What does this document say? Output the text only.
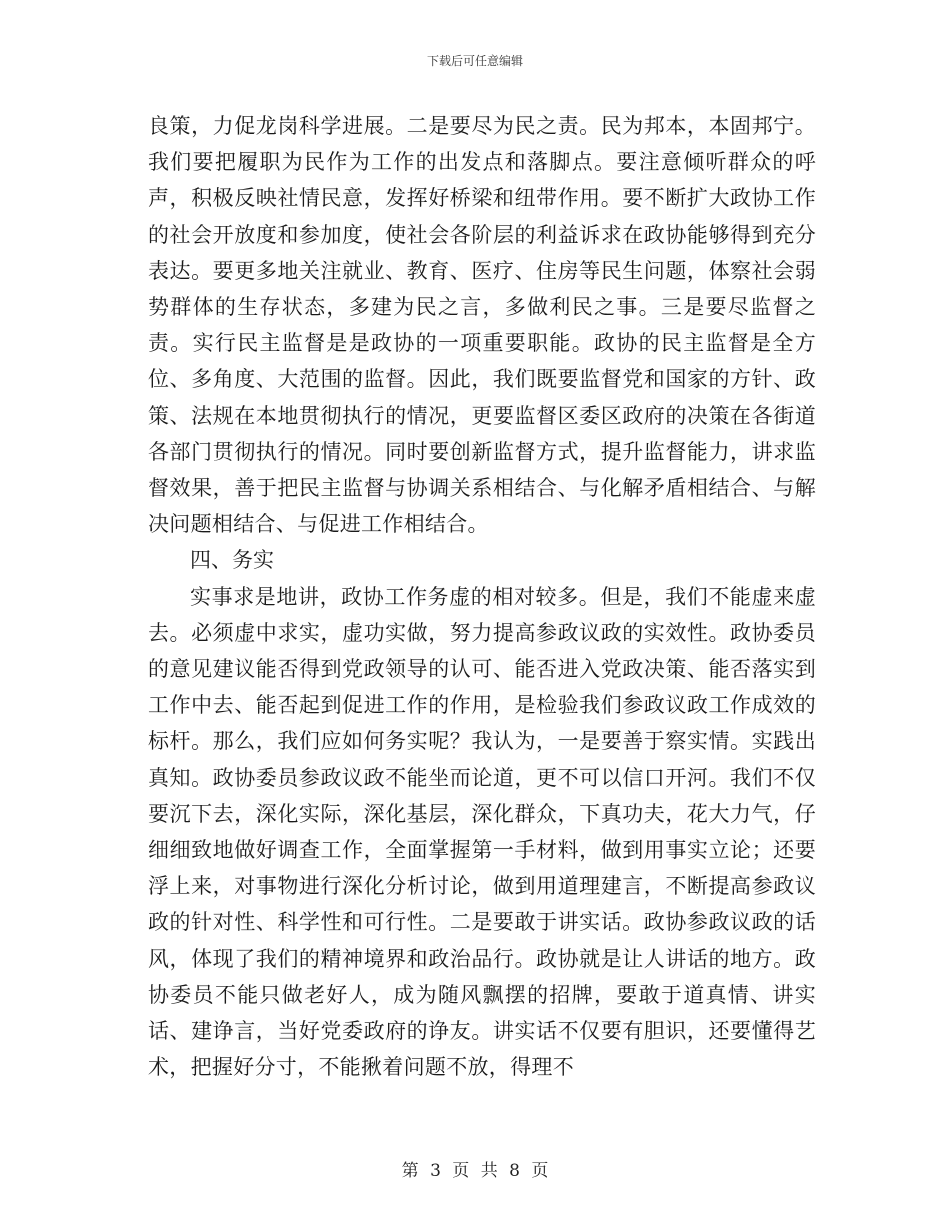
下载后可任意编辑

良策，力促龙岗科学进展。二是要尽为民之责。民为邦本，本固邦宁。我们要把履职为民作为工作的出发点和落脚点。要注意倾听群众的呼声，积极反映社情民意，发挥好桥梁和纽带作用。要不断扩大政协工作的社会开放度和参加度，使社会各阶层的利益诉求在政协能够得到充分表达。要更多地关注就业、教育、医疗、住房等民生问题，体察社会弱势群体的生存状态，多建为民之言，多做利民之事。三是要尽监督之责。实行民主监督是是政协的一项重要职能。政协的民主监督是全方位、多角度、大范围的监督。因此，我们既要监督党和国家的方针、政策、法规在本地贯彻执行的情况，更要监督区委区政府的决策在各街道各部门贯彻执行的情况。同时要创新监督方式，提升监督能力，讲求监督效果，善于把民主监督与协调关系相结合、与化解矛盾相结合、与解决问题相结合、与促进工作相结合。

四、务实

实事求是地讲，政协工作务虚的相对较多。但是，我们不能虚来虚去。必须虚中求实，虚功实做，努力提高参政议政的实效性。政协委员的意见建议能否得到党政领导的认可、能否进入党政决策、能否落实到工作中去、能否起到促进工作的作用，是检验我们参政议政工作成效的标杆。那么，我们应如何务实呢？我认为，一是要善于察实情。实践出真知。政协委员参政议政不能坐而论道，更不可以信口开河。我们不仅要沉下去，深化实际，深化基层，深化群众，下真功夫，花大力气，仔细细致地做好调查工作，全面掌握第一手材料，做到用事实立论；还要浮上来，对事物进行深化分析讨论，做到用道理建言，不断提高参政议政的针对性、科学性和可行性。二是要敢于讲实话。政协参政议政的话风，体现了我们的精神境界和政治品行。政协就是让人讲话的地方。政协委员不能只做老好人，成为随风飘摆的招牌，要敢于道真情、讲实话、建诤言，当好党委政府的诤友。讲实话不仅要有胆识，还要懂得艺术，把握好分寸，不能揪着问题不放，得理不

第 3 页 共 8 页
